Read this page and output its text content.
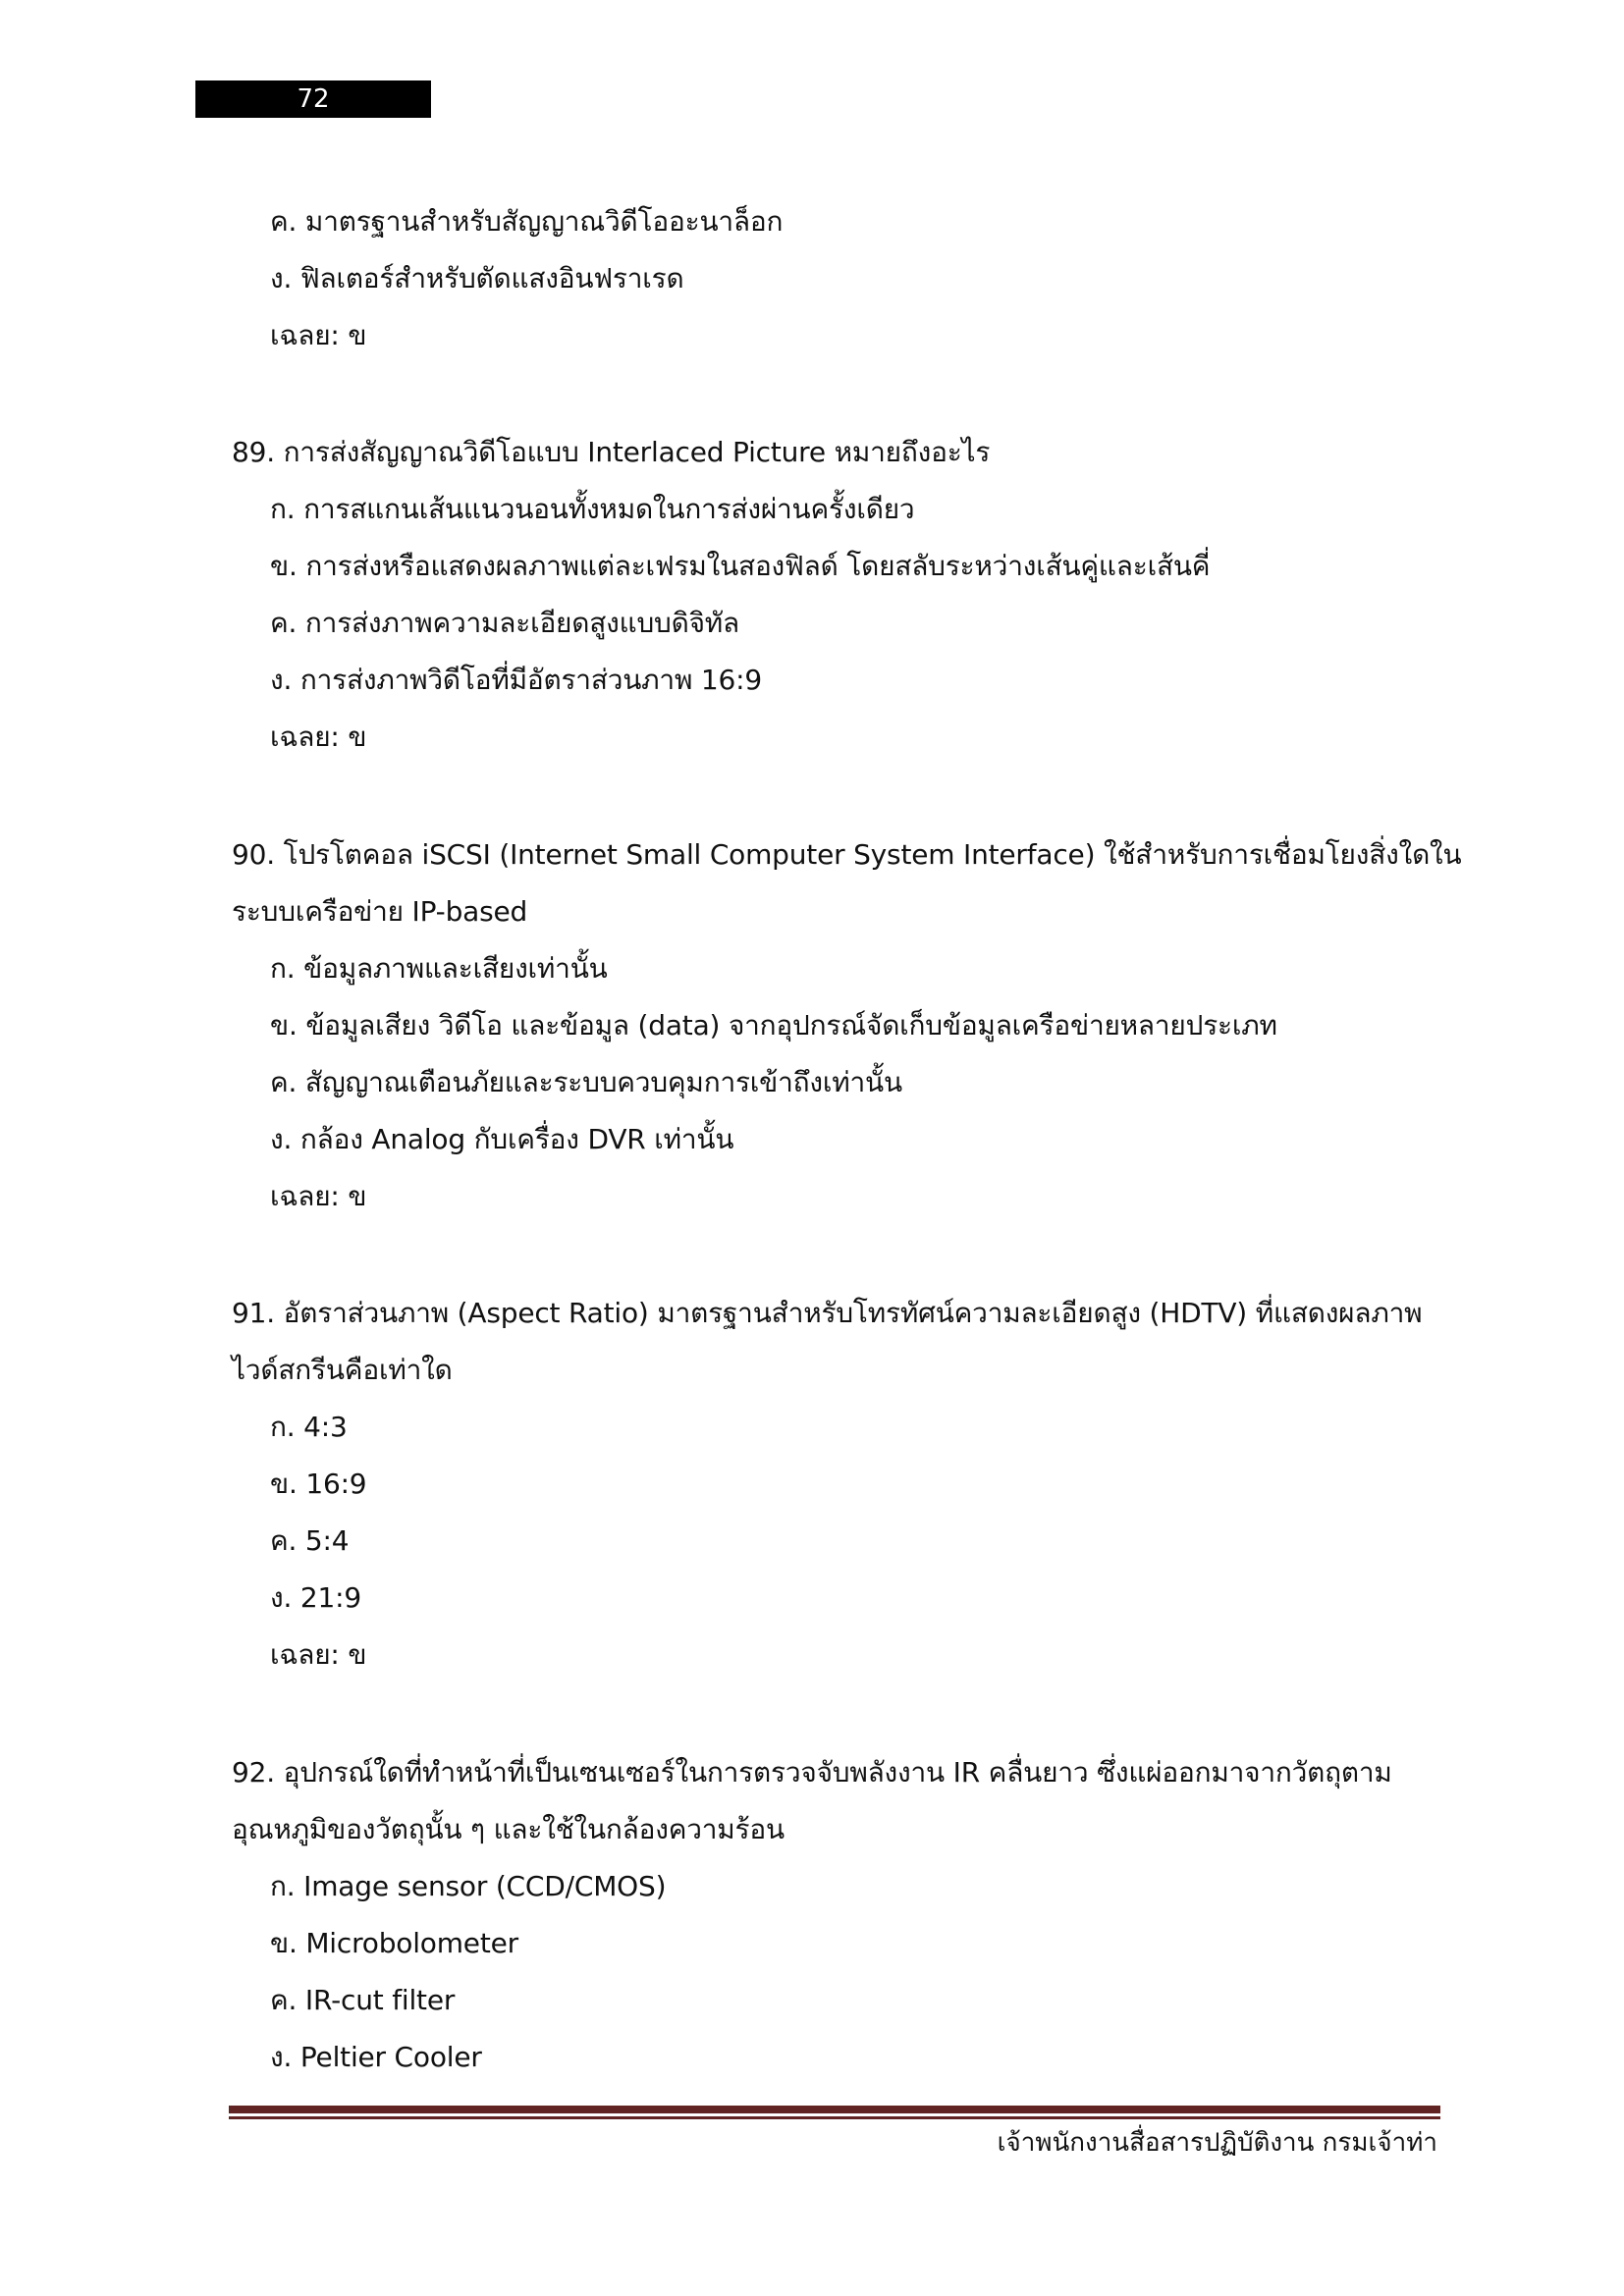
72
ค. มาตรฐานสำหรับสัญญาณวิดีโออะนาล็อก
ง. ฟิลเตอร์สำหรับตัดแสงอินฟราเรด
เฉลย: ข
89. การส่งสัญญาณวิดีโอแบบ Interlaced Picture หมายถึงอะไร
ก. การสแกนเส้นแนวนอนทั้งหมดในการส่งผ่านครั้งเดียว
ข. การส่งหรือแสดงผลภาพแต่ละเฟรมในสองฟิลด์ โดยสลับระหว่างเส้นคู่และเส้นคี่
ค. การส่งภาพความละเอียดสูงแบบดิจิทัล
ง. การส่งภาพวิดีโอที่มีอัตราส่วนภาพ 16:9
เฉลย: ข
90. โปรโตคอล iSCSI (Internet Small Computer System Interface) ใช้สำหรับการเชื่อมโยงสิ่งใดใน
ระบบเครือข่าย IP-based
ก. ข้อมูลภาพและเสียงเท่านั้น
ข. ข้อมูลเสียง วิดีโอ และข้อมูล (data) จากอุปกรณ์จัดเก็บข้อมูลเครือข่ายหลายประเภท
ค. สัญญาณเตือนภัยและระบบควบคุมการเข้าถึงเท่านั้น
ง. กล้อง Analog กับเครื่อง DVR เท่านั้น
เฉลย: ข
91. อัตราส่วนภาพ (Aspect Ratio) มาตรฐานสำหรับโทรทัศน์ความละเอียดสูง (HDTV) ที่แสดงผลภาพ
ไวด์สกรีนคือเท่าใด
ก. 4:3
ข. 16:9
ค. 5:4
ง. 21:9
เฉลย: ข
92. อุปกรณ์ใดที่ทำหน้าที่เป็นเซนเซอร์ในการตรวจจับพลังงาน IR คลื่นยาว ซึ่งแผ่ออกมาจากวัตถุตาม
อุณหภูมิของวัตถุนั้น ๆ และใช้ในกล้องความร้อน
ก. Image sensor (CCD/CMOS)
ข. Microbolometer
ค. IR-cut filter
ง. Peltier Cooler
เจ้าพนักงานสื่อสารปฏิบัติงาน กรมเจ้าท่า
